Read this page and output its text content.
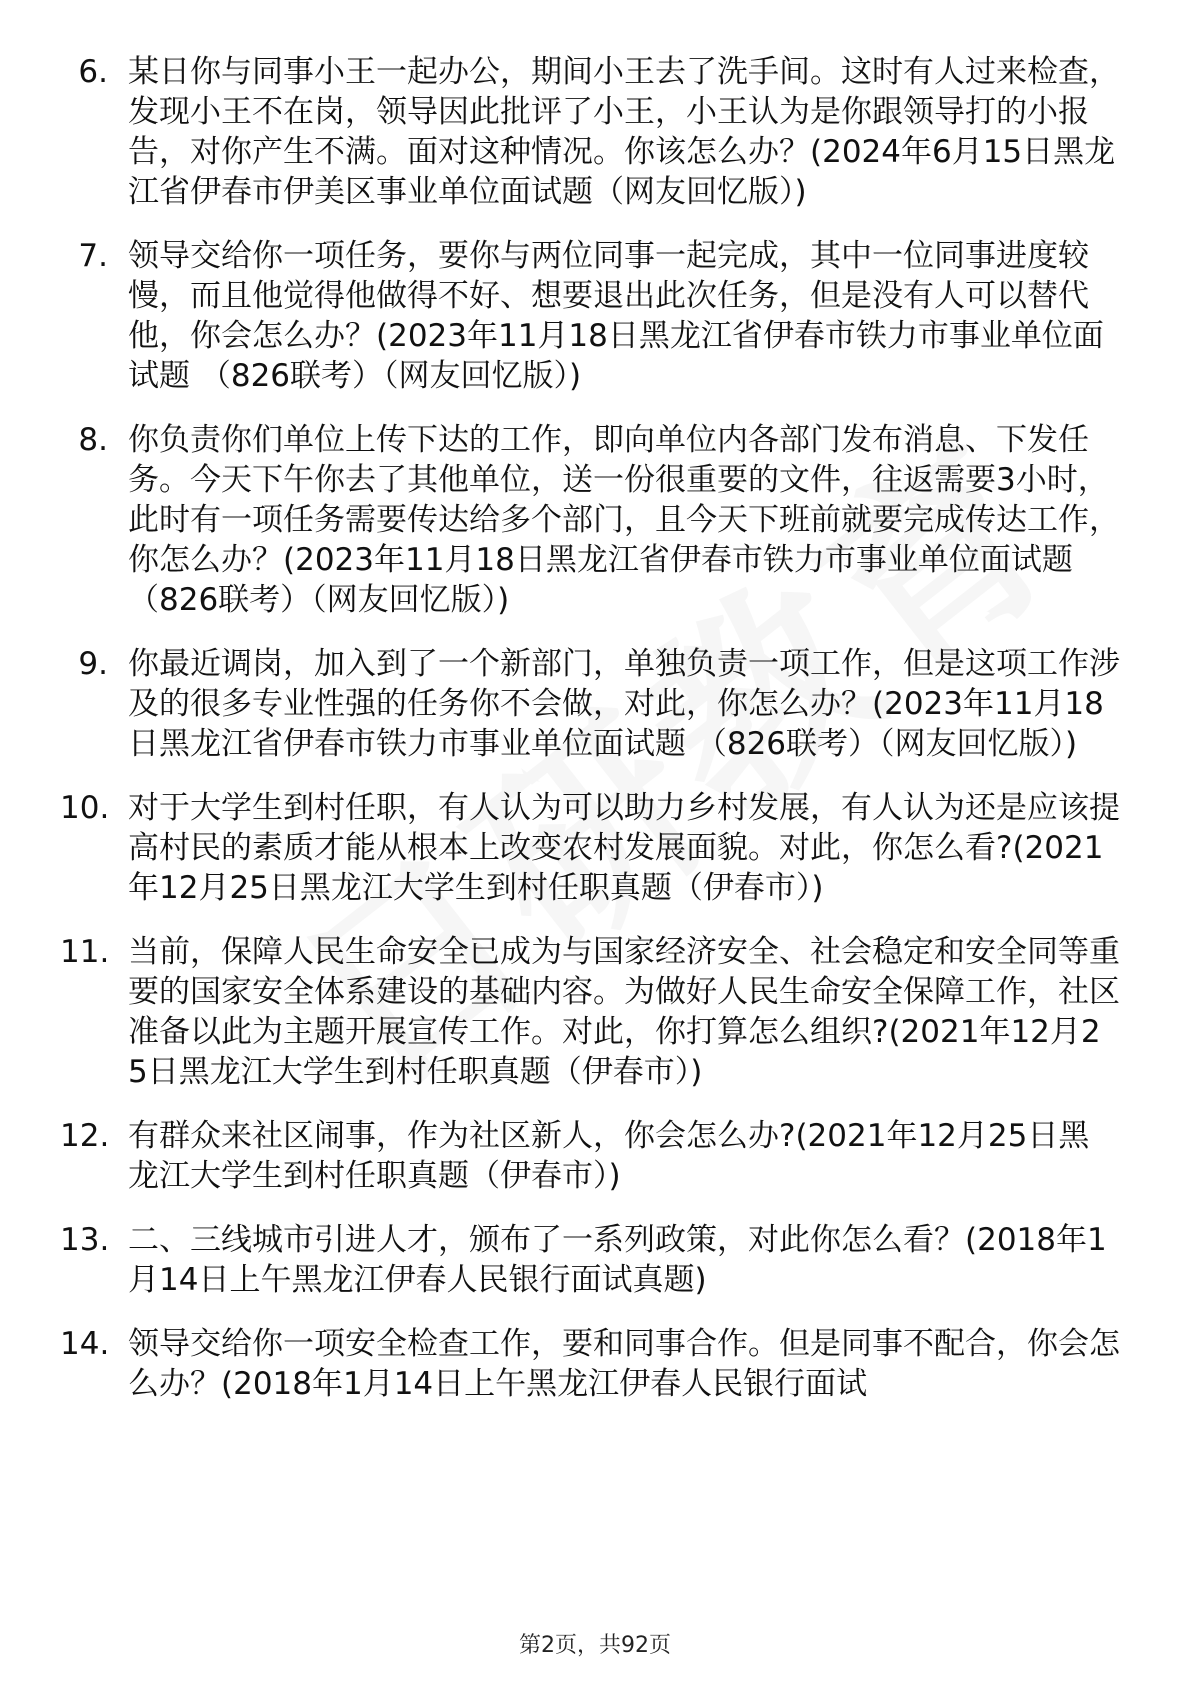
6. 某日你与同事小王一起办公，期间小王去了洗手间。这时有人过来检查，发现小王不在岗，领导因此批评了小王，小王认为是你跟领导打的小报告，对你产生不满。面对这种情况。你该怎么办？(2024年6月15日黑龙江省伊春市伊美区事业单位面试题（网友回忆版）)
7. 领导交给你一项任务，要你与两位同事一起完成，其中一位同事进度较慢，而且他觉得他做得不好、想要退出此次任务，但是没有人可以替代他，你会怎么办？(2023年11月18日黑龙江省伊春市铁力市事业单位面试题 （826联考）（网友回忆版）)
8. 你负责你们单位上传下达的工作，即向单位内各部门发布消息、下发任务。今天下午你去了其他单位，送一份很重要的文件，往返需要3小时，此时有一项任务需要传达给多个部门，且今天下班前就要完成传达工作，你怎么办？(2023年11月18日黑龙江省伊春市铁力市事业单位面试题 （826联考）（网友回忆版）)
9. 你最近调岗，加入到了一个新部门，单独负责一项工作，但是这项工作涉及的很多专业性强的任务你不会做，对此，你怎么办？(2023年11月18日黑龙江省伊春市铁力市事业单位面试题 （826联考）（网友回忆版）)
10. 对于大学生到村任职，有人认为可以助力乡村发展，有人认为还是应该提高村民的素质才能从根本上改变农村发展面貌。对此，你怎么看?(2021年12月25日黑龙江大学生到村任职真题（伊春市）)
11. 当前，保障人民生命安全已成为与国家经济安全、社会稳定和安全同等重要的国家安全体系建设的基础内容。为做好人民生命安全保障工作，社区准备以此为主题开展宣传工作。对此，你打算怎么组织?(2021年12月25日黑龙江大学生到村任职真题（伊春市）)
12. 有群众来社区闹事，作为社区新人，你会怎么办?(2021年12月25日黑龙江大学生到村任职真题（伊春市）)
13. 二、三线城市引进人才，颁布了一系列政策，对此你怎么看？(2018年1月14日上午黑龙江伊春人民银行面试真题)
14. 领导交给你一项安全检查工作，要和同事合作。但是同事不配合，你会怎么办？(2018年1月14日上午黑龙江伊春人民银行面试
第2页，共92页
